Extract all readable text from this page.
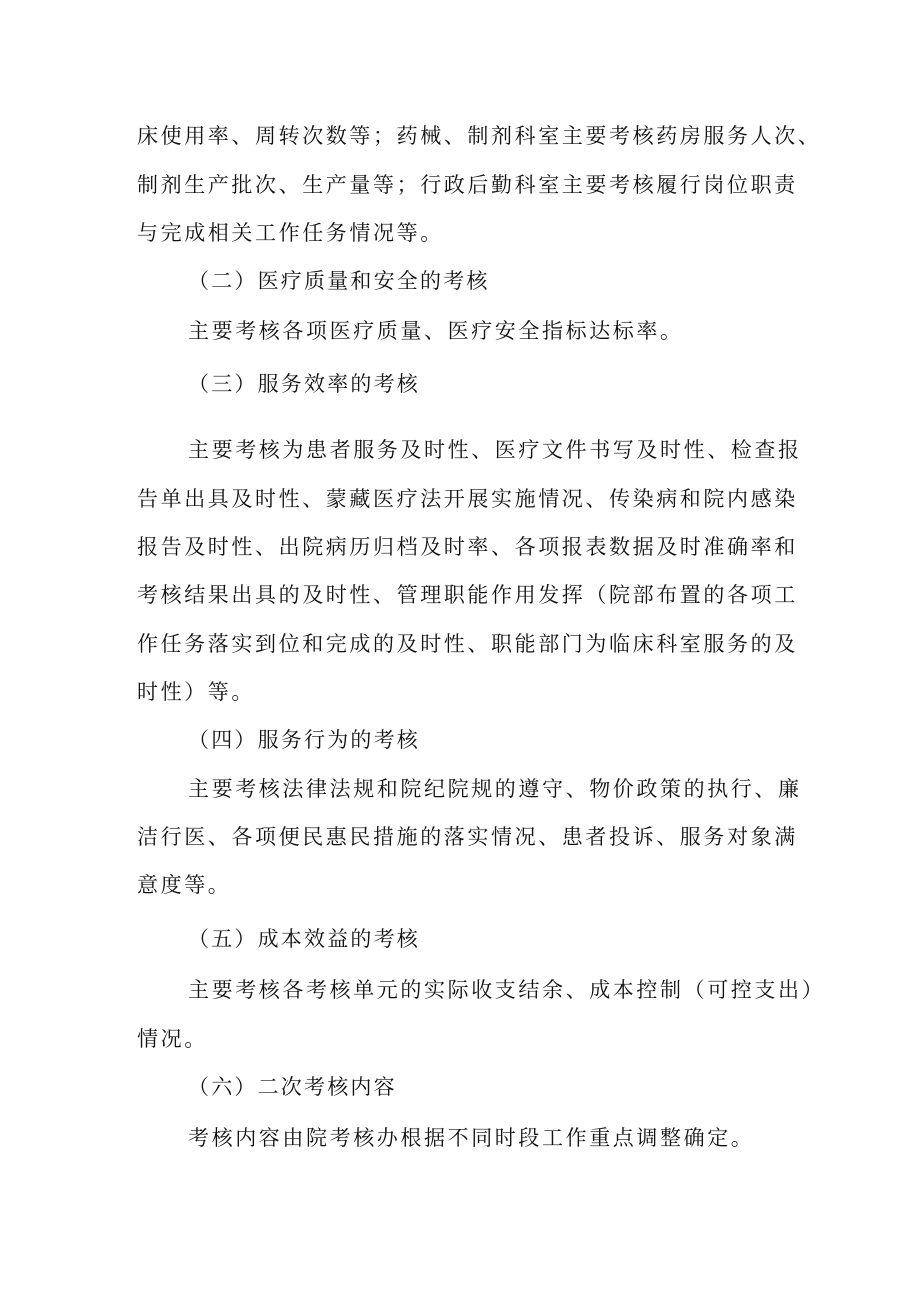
床使用率、周转次数等；药械、制剂科室主要考核药房服务人次、
制剂生产批次、生产量等；行政后勤科室主要考核履行岗位职责
与完成相关工作任务情况等。
（二）医疗质量和安全的考核
主要考核各项医疗质量、医疗安全指标达标率。
（三）服务效率的考核
主要考核为患者服务及时性、医疗文件书写及时性、检查报
告单出具及时性、蒙藏医疗法开展实施情况、传染病和院内感染
报告及时性、出院病历归档及时率、各项报表数据及时准确率和
考核结果出具的及时性、管理职能作用发挥（院部布置的各项工
作任务落实到位和完成的及时性、职能部门为临床科室服务的及
时性）等。
（四）服务行为的考核
主要考核法律法规和院纪院规的遵守、物价政策的执行、廉
洁行医、各项便民惠民措施的落实情况、患者投诉、服务对象满
意度等。
（五）成本效益的考核
主要考核各考核单元的实际收支结余、成本控制（可控支出）
情况。
（六）二次考核内容
考核内容由院考核办根据不同时段工作重点调整确定。
